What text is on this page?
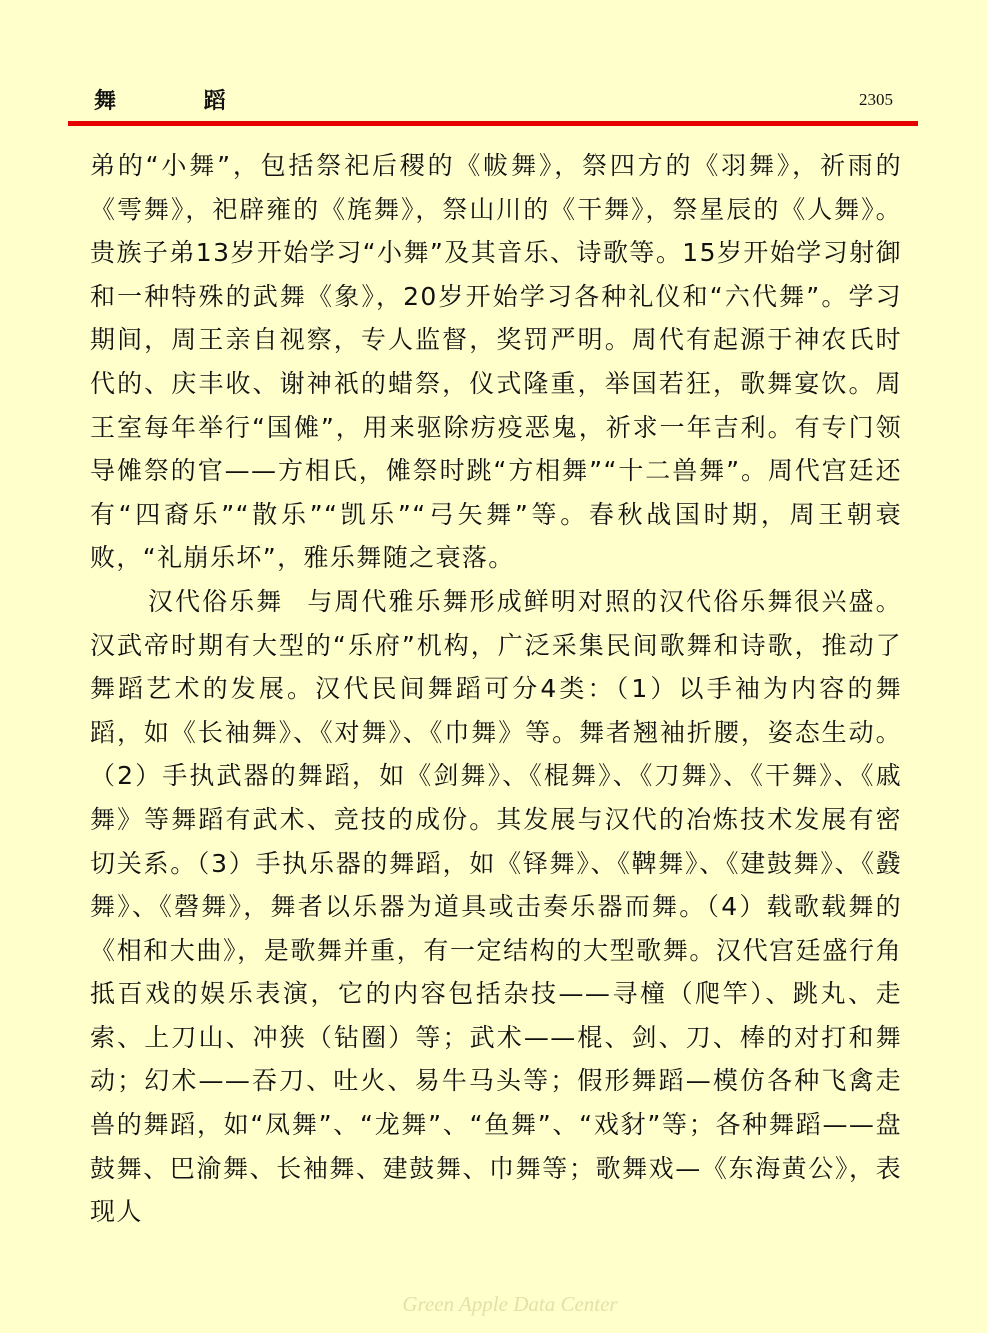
舞 蹈	2305

弟的“小舞”，包括祭祀后稷的《帗舞》，祭四方的《羽舞》，祈雨的《雩舞》，祀辟雍的《旄舞》，祭山川的《干舞》，祭星辰的《人舞》。贵族子弟13岁开始学习“小舞”及其音乐、诗歌等。15岁开始学习射御和一种特殊的武舞《象》，20岁开始学习各种礼仪和“六代舞”。学习期间，周王亲自视察，专人监督，奖罚严明。周代有起源于神农氏时代的、庆丰收、谢神祇的蜡祭，仪式隆重，举国若狂，歌舞宴饮。周王室每年举行“国傩”，用来驱除疠疫恶鬼，祈求一年吉利。有专门领导傩祭的官——方相氏，傩祭时跳“方相舞”“十二兽舞”。周代宫廷还有“四裔乐”“散乐”“凯乐”“弓矢舞”等。春秋战国时期，周王朝衰败，“礼崩乐坏”，雅乐舞随之衰落。

汉代俗乐舞 与周代雅乐舞形成鲜明对照的汉代俗乐舞很兴盛。汉武帝时期有大型的“乐府”机构，广泛采集民间歌舞和诗歌，推动了舞蹈艺术的发展。汉代民间舞蹈可分4类：（1）以手袖为内容的舞蹈，如《长袖舞》、《对舞》、《巾舞》等。舞者翘袖折腰，姿态生动。（2）手执武器的舞蹈，如《剑舞》、《棍舞》、《刀舞》、《干舞》、《戚舞》等舞蹈有武术、竞技的成份。其发展与汉代的冶炼技术发展有密切关系。（3）手执乐器的舞蹈，如《铎舞》、《鞞舞》、《建鼓舞》、《鼗舞》、《磬舞》，舞者以乐器为道具或击奏乐器而舞。（4）载歌载舞的《相和大曲》，是歌舞并重，有一定结构的大型歌舞。汉代宫廷盛行角抵百戏的娱乐表演，它的内容包括杂技——寻橦（爬竿）、跳丸、走索、上刀山、冲狭（钻圈）等；武术——棍、剑、刀、棒的对打和舞动；幻术——吞刀、吐火、易牛马头等；假形舞蹈—模仿各种飞禽走兽的舞蹈，如“凤舞”、“龙舞”、“鱼舞”、“戏豺”等；各种舞蹈——盘鼓舞、巴渝舞、长袖舞、建鼓舞、巾舞等；歌舞戏—《东海黄公》，表现人

Green Apple Data Center
